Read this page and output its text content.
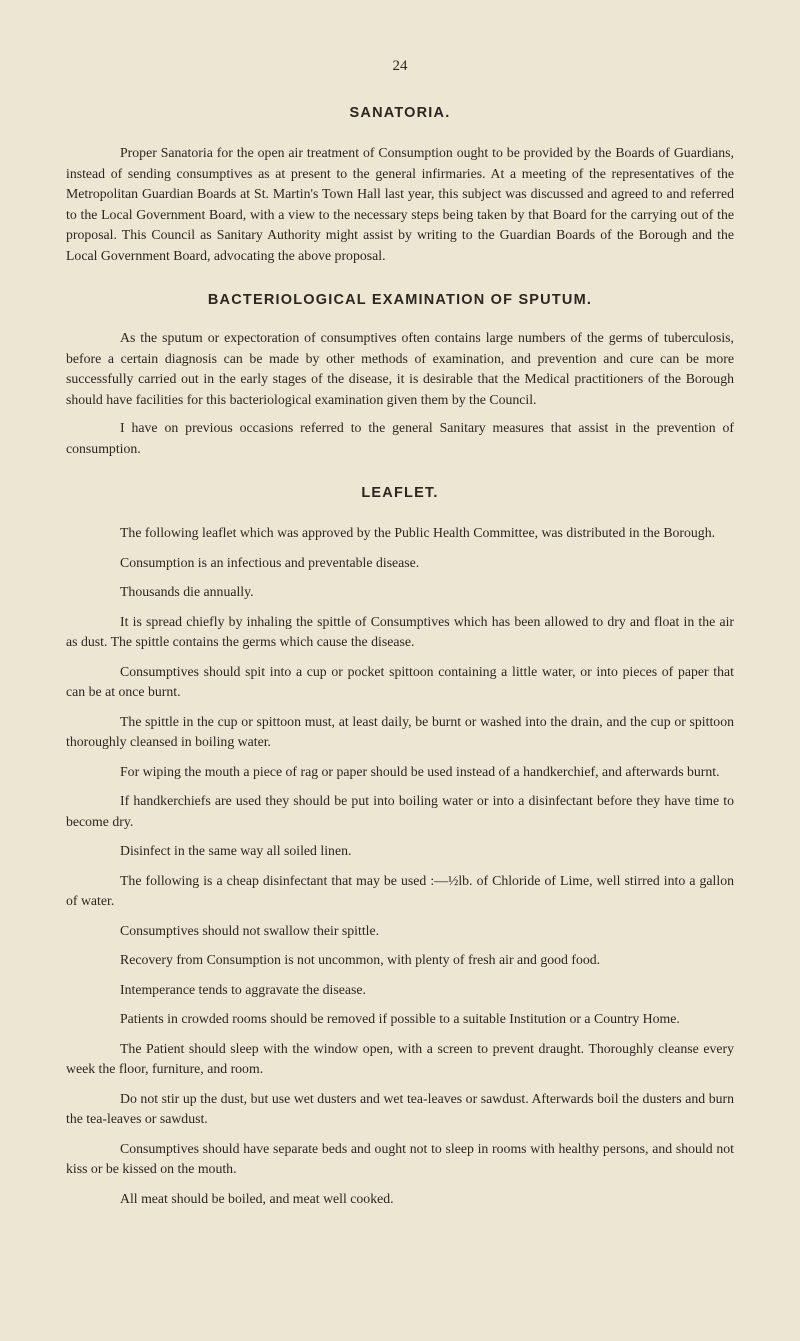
24
SANATORIA.

Proper Sanatoria for the open air treatment of Consumption ought to be provided by the Boards of Guardians, instead of sending consumptives as at present to the general infirmaries. At a meeting of the representatives of the Metropolitan Guardian Boards at St. Martin's Town Hall last year, this subject was discussed and agreed to and referred to the Local Government Board, with a view to the necessary steps being taken by that Board for the carrying out of the proposal. This Council as Sanitary Authority might assist by writing to the Guardian Boards of the Borough and the Local Government Board, advocating the above proposal.

BACTERIOLOGICAL EXAMINATION OF SPUTUM.

As the sputum or expectoration of consumptives often contains large numbers of the germs of tuberculosis, before a certain diagnosis can be made by other methods of examination, and prevention and cure can be more successfully carried out in the early stages of the disease, it is desirable that the Medical practitioners of the Borough should have facilities for this bacteriological examination given them by the Council.

I have on previous occasions referred to the general Sanitary measures that assist in the prevention of consumption.

LEAFLET.

The following leaflet which was approved by the Public Health Committee, was distributed in the Borough.

Consumption is an infectious and preventable disease.

Thousands die annually.

It is spread chiefly by inhaling the spittle of Consumptives which has been allowed to dry and float in the air as dust. The spittle contains the germs which cause the disease.

Consumptives should spit into a cup or pocket spittoon containing a little water, or into pieces of paper that can be at once burnt.

The spittle in the cup or spittoon must, at least daily, be burnt or washed into the drain, and the cup or spittoon thoroughly cleansed in boiling water.

For wiping the mouth a piece of rag or paper should be used instead of a handkerchief, and afterwards burnt.

If handkerchiefs are used they should be put into boiling water or into a disinfectant before they have time to become dry.

Disinfect in the same way all soiled linen.

The following is a cheap disinfectant that may be used :—½lb. of Chloride of Lime, well stirred into a gallon of water.

Consumptives should not swallow their spittle.

Recovery from Consumption is not uncommon, with plenty of fresh air and good food.

Intemperance tends to aggravate the disease.

Patients in crowded rooms should be removed if possible to a suitable Institution or a Country Home.

The Patient should sleep with the window open, with a screen to prevent draught. Thoroughly cleanse every week the floor, furniture, and room.

Do not stir up the dust, but use wet dusters and wet tea-leaves or sawdust. Afterwards boil the dusters and burn the tea-leaves or sawdust.

Consumptives should have separate beds and ought not to sleep in rooms with healthy persons, and should not kiss or be kissed on the mouth.

All meat should be boiled, and meat well cooked.
